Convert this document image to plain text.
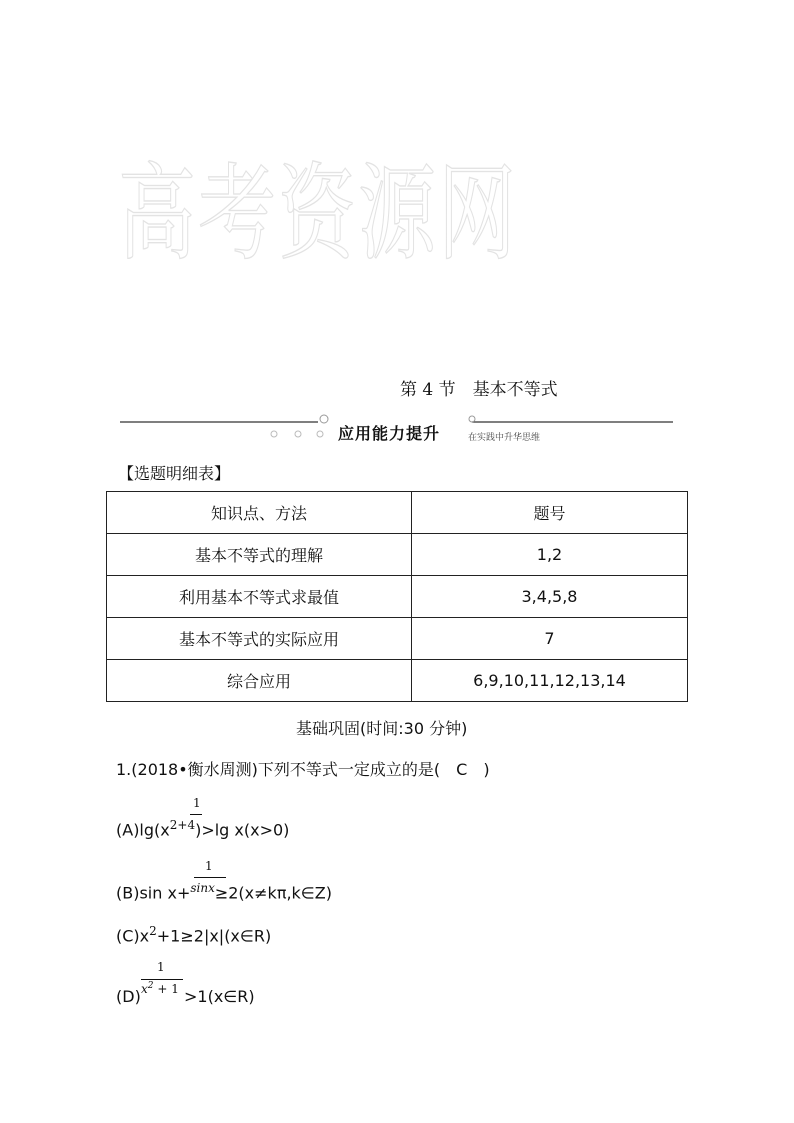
高考资源网
第 4 节　基本不等式
应用能力提升	在实践中升华思维
【选题明细表】
知识点、方法	题号
基本不等式的理解	1,2
利用基本不等式求最值	3,4,5,8
基本不等式的实际应用	7
综合应用	6,9,10,11,12,13,14
基础巩固(时间:30 分钟)
1.(2018•衡水周测)下列不等式一定成立的是(　C　)
1
$(A)\lg(x^{2+4})>\lg$ x(x>0)
1
(B)sin x+$^{sinx}$≥2(x≠kπ,k∈Z)
$(C)x^2+1\ge 2|x|(x\in R)$
1
$x^2 + 1$
(D)	>1(x∈R)
